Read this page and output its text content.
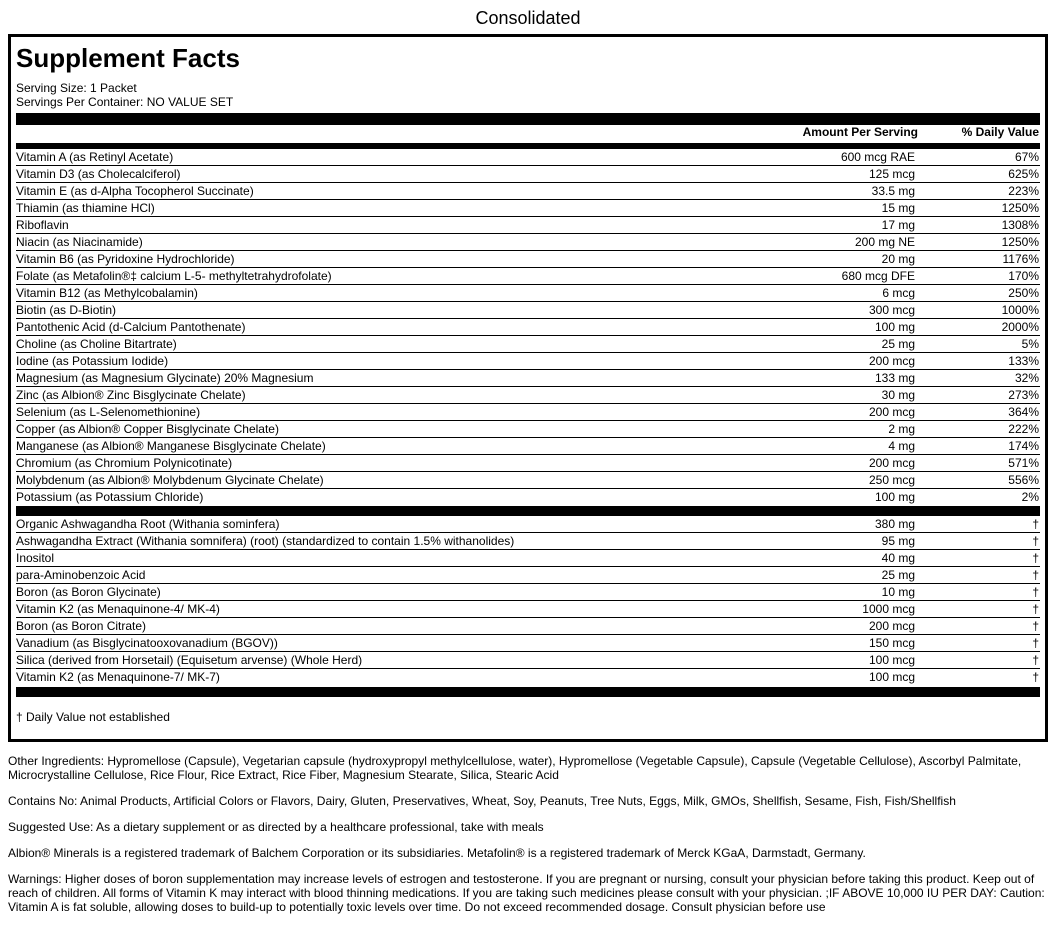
Consolidated
Supplement Facts
Serving Size: 1 Packet
Servings Per Container: NO VALUE SET
Amount Per Serving	% Daily Value
Vitamin A (as Retinyl Acetate)	600 mcg RAE	67%
Vitamin D3 (as Cholecalciferol)	125 mcg	625%
Vitamin E (as d-Alpha Tocopherol Succinate)	33.5 mg	223%
Thiamin (as thiamine HCl)	15 mg	1250%
Riboflavin	17 mg	1308%
Niacin (as Niacinamide)	200 mg NE	1250%
Vitamin B6 (as Pyridoxine Hydrochloride)	20 mg	1176%
Folate (as Metafolin®‡ calcium L-5- methyltetrahydrofolate)	680 mcg DFE	170%
Vitamin B12 (as Methylcobalamin)	6 mcg	250%
Biotin (as D-Biotin)	300 mcg	1000%
Pantothenic Acid (d-Calcium Pantothenate)	100 mg	2000%
Choline (as Choline Bitartrate)	25 mg	5%
Iodine (as Potassium Iodide)	200 mcg	133%
Magnesium (as Magnesium Glycinate) 20% Magnesium	133 mg	32%
Zinc (as Albion® Zinc Bisglycinate Chelate)	30 mg	273%
Selenium (as L-Selenomethionine)	200 mcg	364%
Copper (as Albion® Copper Bisglycinate Chelate)	2 mg	222%
Manganese (as Albion® Manganese Bisglycinate Chelate)	4 mg	174%
Chromium (as Chromium Polynicotinate)	200 mcg	571%
Molybdenum (as Albion® Molybdenum Glycinate Chelate)	250 mcg	556%
Potassium (as Potassium Chloride)	100 mg	2%
Organic Ashwagandha Root (Withania sominfera)	380 mg	†
Ashwagandha Extract (Withania somnifera) (root) (standardized to contain 1.5% withanolides)	95 mg	†
Inositol	40 mg	†
para-Aminobenzoic Acid	25 mg	†
Boron (as Boron Glycinate)	10 mg	†
Vitamin K2 (as Menaquinone-4/ MK-4)	1000 mcg	†
Boron (as Boron Citrate)	200 mcg	†
Vanadium (as Bisglycinatooxovanadium (BGOV))	150 mcg	†
Silica (derived from Horsetail) (Equisetum arvense) (Whole Herd)	100 mcg	†
Vitamin K2 (as Menaquinone-7/ MK-7)	100 mcg	†
† Daily Value not established
Other Ingredients: Hypromellose (Capsule), Vegetarian capsule (hydroxypropyl methylcellulose, water), Hypromellose (Vegetable Capsule), Capsule (Vegetable Cellulose), Ascorbyl Palmitate, Microcrystalline Cellulose, Rice Flour, Rice Extract, Rice Fiber, Magnesium Stearate, Silica, Stearic Acid
Contains No: Animal Products, Artificial Colors or Flavors, Dairy, Gluten, Preservatives, Wheat, Soy, Peanuts, Tree Nuts, Eggs, Milk, GMOs, Shellfish, Sesame, Fish, Fish/Shellfish
Suggested Use: As a dietary supplement or as directed by a healthcare professional, take with meals
Albion® Minerals is a registered trademark of Balchem Corporation or its subsidiaries. Metafolin® is a registered trademark of Merck KGaA, Darmstadt, Germany.
Warnings: Higher doses of boron supplementation may increase levels of estrogen and testosterone. If you are pregnant or nursing, consult your physician before taking this product. Keep out of reach of children. All forms of Vitamin K may interact with blood thinning medications. If you are taking such medicines please consult with your physician. ;IF ABOVE 10,000 IU PER DAY: Caution: Vitamin A is fat soluble, allowing doses to build-up to potentially toxic levels over time. Do not exceed recommended dosage. Consult physician before use
